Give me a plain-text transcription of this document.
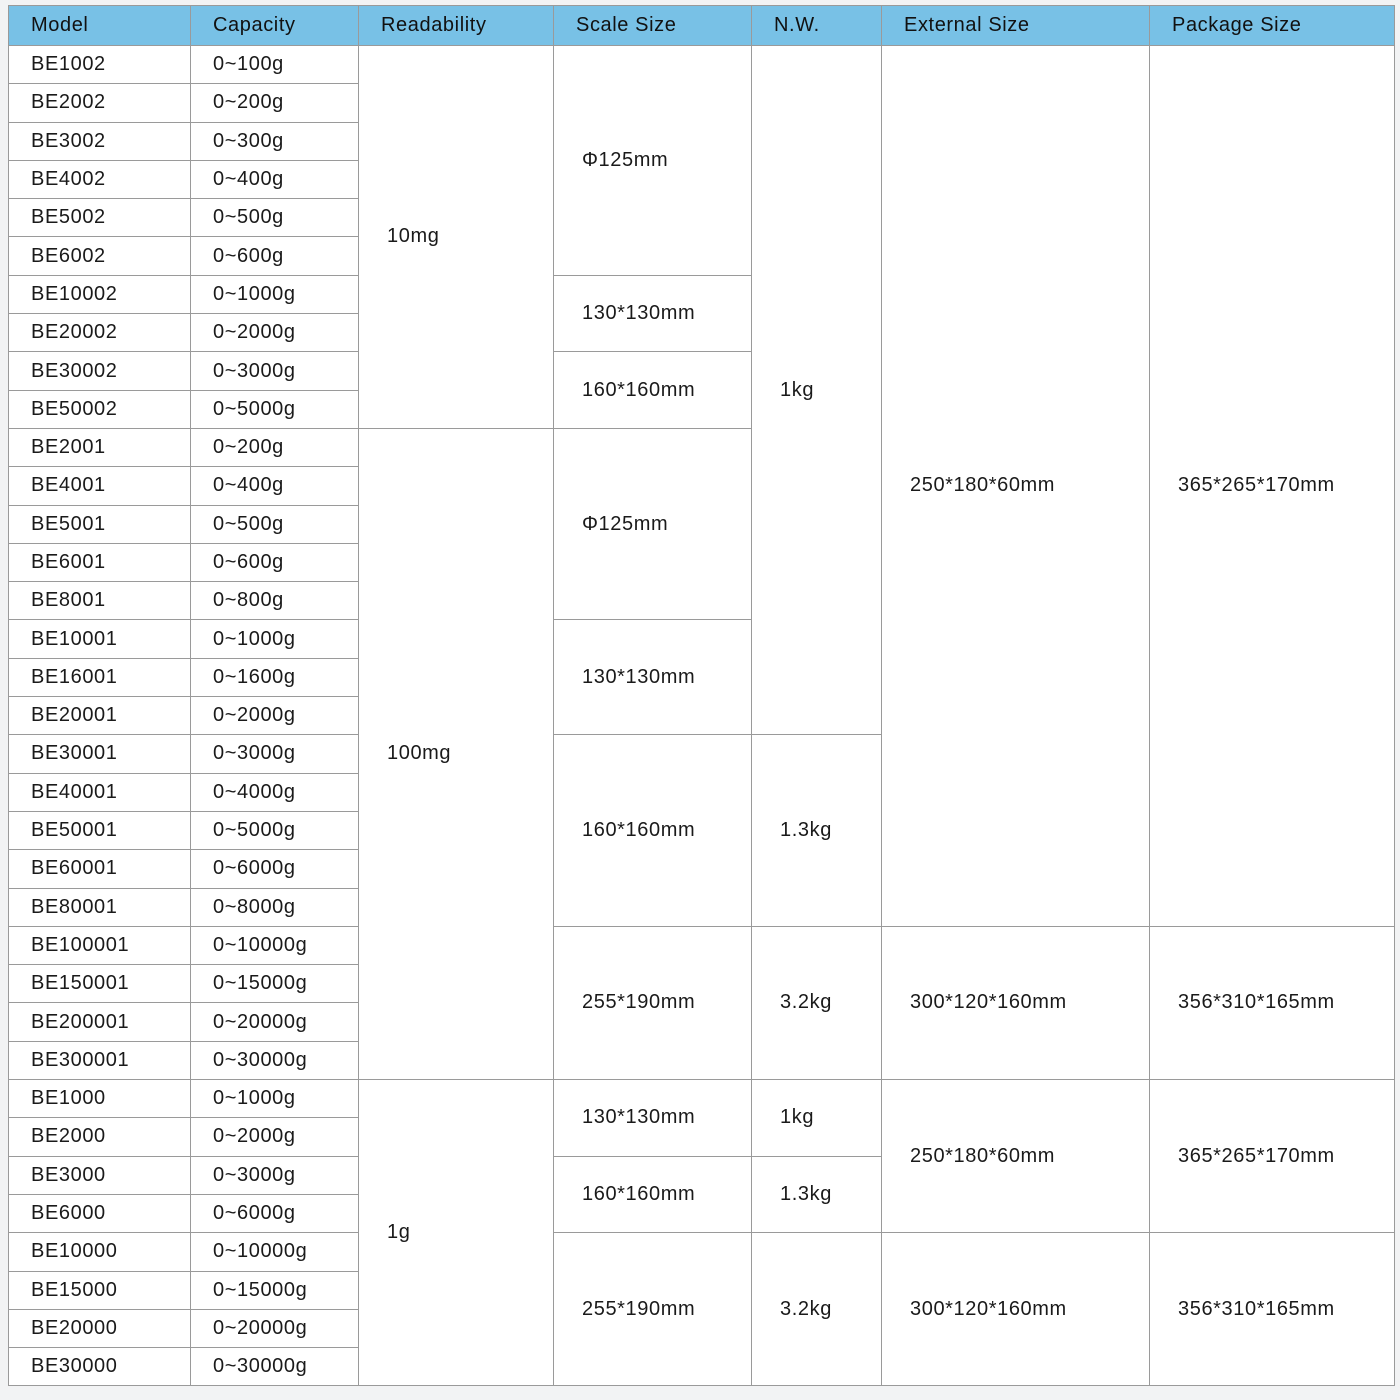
Model	Capacity	Readability	Scale Size	N.W.	External Size	Package Size
BE1002	0~100g	10mg	Φ125mm	1kg	250*180*60mm	365*265*170mm
BE2002	0~200g					
BE3002	0~300g					
BE4002	0~400g					
BE5002	0~500g					
BE6002	0~600g					
BE10002	0~1000g		130*130mm			
BE20002	0~2000g					
BE30002	0~3000g		160*160mm			
BE50002	0~5000g					
BE2001	0~200g	100mg	Φ125mm			
BE4001	0~400g					
BE5001	0~500g					
BE6001	0~600g					
BE8001	0~800g					
BE10001	0~1000g		130*130mm			
BE16001	0~1600g					
BE20001	0~2000g					
BE30001	0~3000g		160*160mm	1.3kg		
BE40001	0~4000g					
BE50001	0~5000g					
BE60001	0~6000g					
BE80001	0~8000g					
BE100001	0~10000g		255*190mm	3.2kg	300*120*160mm	356*310*165mm
BE150001	0~15000g					
BE200001	0~20000g					
BE300001	0~30000g					
BE1000	0~1000g	1g	130*130mm	1kg	250*180*60mm	365*265*170mm
BE2000	0~2000g					
BE3000	0~3000g		160*160mm	1.3kg		
BE6000	0~6000g					
BE10000	0~10000g		255*190mm	3.2kg	300*120*160mm	356*310*165mm
BE15000	0~15000g					
BE20000	0~20000g					
BE30000	0~30000g					
